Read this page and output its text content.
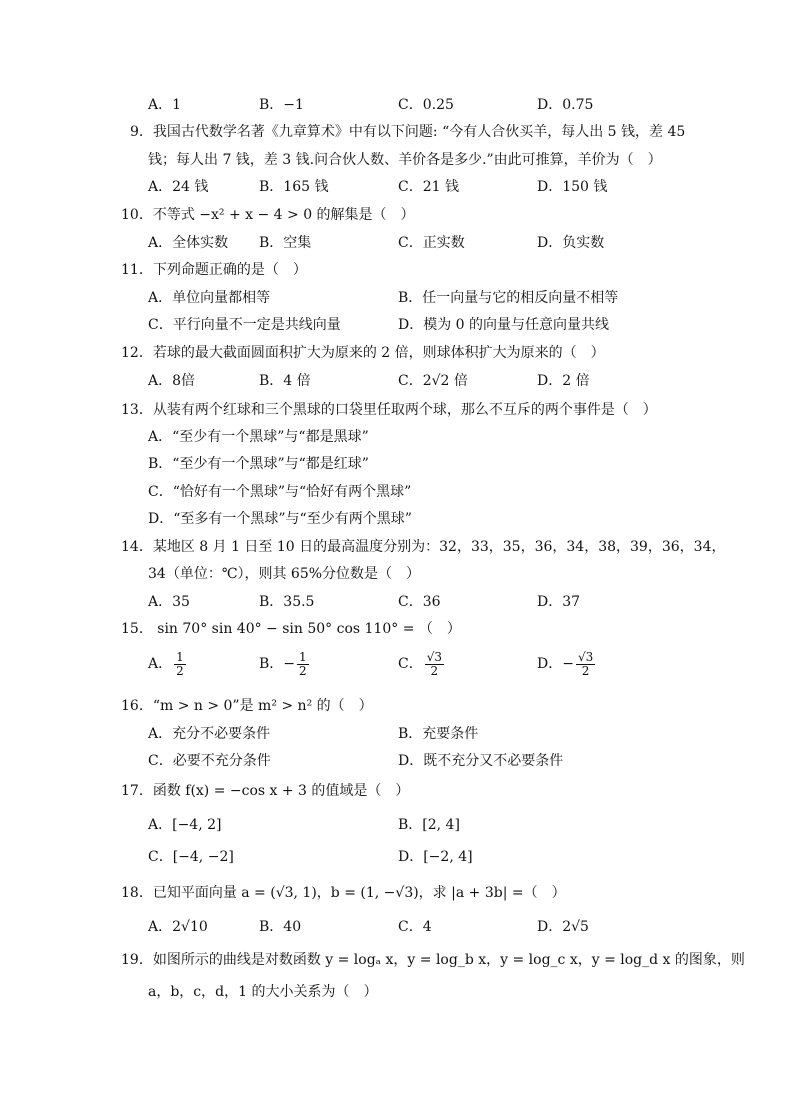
A．1	B．−1	C．0.25	D．0.75
9．我国古代数学名著《九章算术》中有以下问题: “今有人合伙买羊，每人出 5 钱，差 45
钱；每人出 7 钱，差 3 钱.问合伙人数、羊价各是多少.”由此可推算，羊价为（　）
A．24 钱	B．165 钱	C．21 钱	D．150 钱
10．不等式 −x² + x − 4 > 0 的解集是（　）
A．全体实数 B．空集	C．正实数	D．负实数
11．下列命题正确的是（　）
A．单位向量都相等	B．任一向量与它的相反向量不相等
C．平行向量不一定是共线向量	D．模为 0 的向量与任意向量共线
12．若球的最大截面圆面积扩大为原来的 2 倍，则球体积扩大为原来的（　）
A．8倍	B．4 倍	C．2√2 倍	D．2 倍
13．从装有两个红球和三个黑球的口袋里任取两个球，那么不互斥的两个事件是（　）
A．“至少有一个黑球”与“都是黑球”
B．“至少有一个黑球”与“都是红球”
C．“恰好有一个黑球”与“恰好有两个黑球”
D．“至多有一个黑球”与“至少有两个黑球”
14．某地区 8 月 1 日至 10 日的最高温度分别为：32，33，35，36，34，38，39，36，34，
34（单位：℃），则其 65%分位数是（　）
A．35	B．35.5	C．36	D．37
15． sin 70° sin 40° − sin 50° cos 110° = （　）
A． $\frac{1}{2}$	B．− $\frac{1}{2}$	C． $\frac{√3}{2}$	D．− $\frac{√3}{2}$
16．“m > n > 0”是 m² > n² 的（　）
A．充分不必要条件	B．充要条件
C．必要不充分条件	D．既不充分又不必要条件
17．函数 f(x) = −cos x + 3 的值域是（　）
A．[−4, 2]	B．[2, 4]
C．[−4, −2]	D．[−2, 4]
18．已知平面向量 a = (√3, 1)，b = (1, −√3)，求 |a + 3b| =（　）
A．2√10	B．40	C．4	D．2√5
19．如图所示的曲线是对数函数 y = logₐ x，y = log_b x，y = log_c x，y = log_d x 的图象，则
a，b，c，d，1 的大小关系为（　）
